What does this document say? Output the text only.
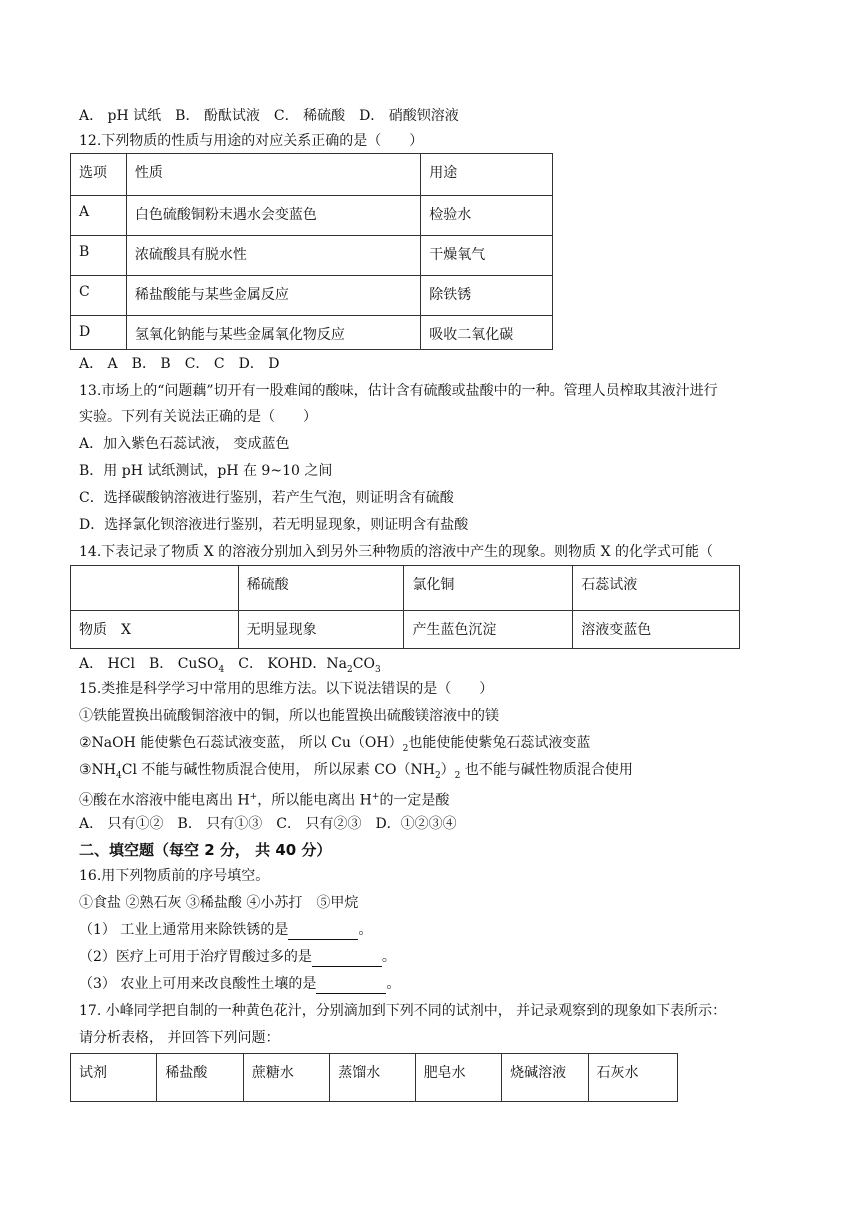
A． pH 试纸　B． 酚酞试液　C． 稀硫酸　D． 硝酸钡溶液
12.下列物质的性质与用途的对应关系正确的是（　　）
选项	性质	用途
A	白色硫酸铜粉末遇水会变蓝色	检验水
B	浓硫酸具有脱水性	干燥氧气
C	稀盐酸能与某些金属反应	除铁锈
D	氢氧化钠能与某些金属氧化物反应	吸收二氧化碳
A． A　B． B　C． C　D． D
13.市场上的“问题藕”切开有一股难闻的酸味，估计含有硫酸或盐酸中的一种。管理人员榨取其液汁进行
实验。下列有关说法正确的是（　　）
A．加入紫色石蕊试液， 变成蓝色
B．用 pH 试纸测试，pH 在 9~10 之间
C．选择碳酸钠溶液进行鉴别，若产生气泡，则证明含有硫酸
D．选择氯化钡溶液进行鉴别，若无明显现象，则证明含有盐酸
14.下表记录了物质 X 的溶液分别加入到另外三种物质的溶液中产生的现象。则物质 X 的化学式可能（
	稀硫酸	氯化铜	石蕊试液
物质　X	无明显现象	产生蓝色沉淀	溶液变蓝色
A． HCl　B． CuSO$_4$　C． KOHD．$Na_2CO_3$
15.类推是科学学习中常用的思维方法。以下说法错误的是（　　）
①铁能置换出硫酸铜溶液中的铜，所以也能置换出硫酸镁溶液中的镁
②NaOH 能使紫色石蕊试液变蓝， 所以 $Cu(OH)_2$也能使能使紫兔石蕊试液变蓝
$③NH_4Cl$ 不能与碱性物质混合使用， 所以尿素 $CO(NH_2)_2$ 也不能与碱性物质混合使用
④酸在水溶液中能电离出 H+，所以能电离出 H+的一定是酸
A． 只有①②　B． 只有①③　C． 只有②③　D．①②③④
二、填空题（每空 2 分， 共 40 分）
16.用下列物质前的序号填空。
①食盐 ②熟石灰 ③稀盐酸 ④小苏打　⑤甲烷
（1） 工业上通常用来除铁锈的是	。
（2）医疗上可用于治疗胃酸过多的是	。
（3） 农业上可用来改良酸性土壤的是	。
17. 小峰同学把自制的一种黄色花汁，分别滴加到下列不同的试剂中， 并记录观察到的现象如下表所示：
请分析表格， 并回答下列问题：
试剂	稀盐酸	蔗糖水	蒸馏水	肥皂水	烧碱溶液	石灰水
